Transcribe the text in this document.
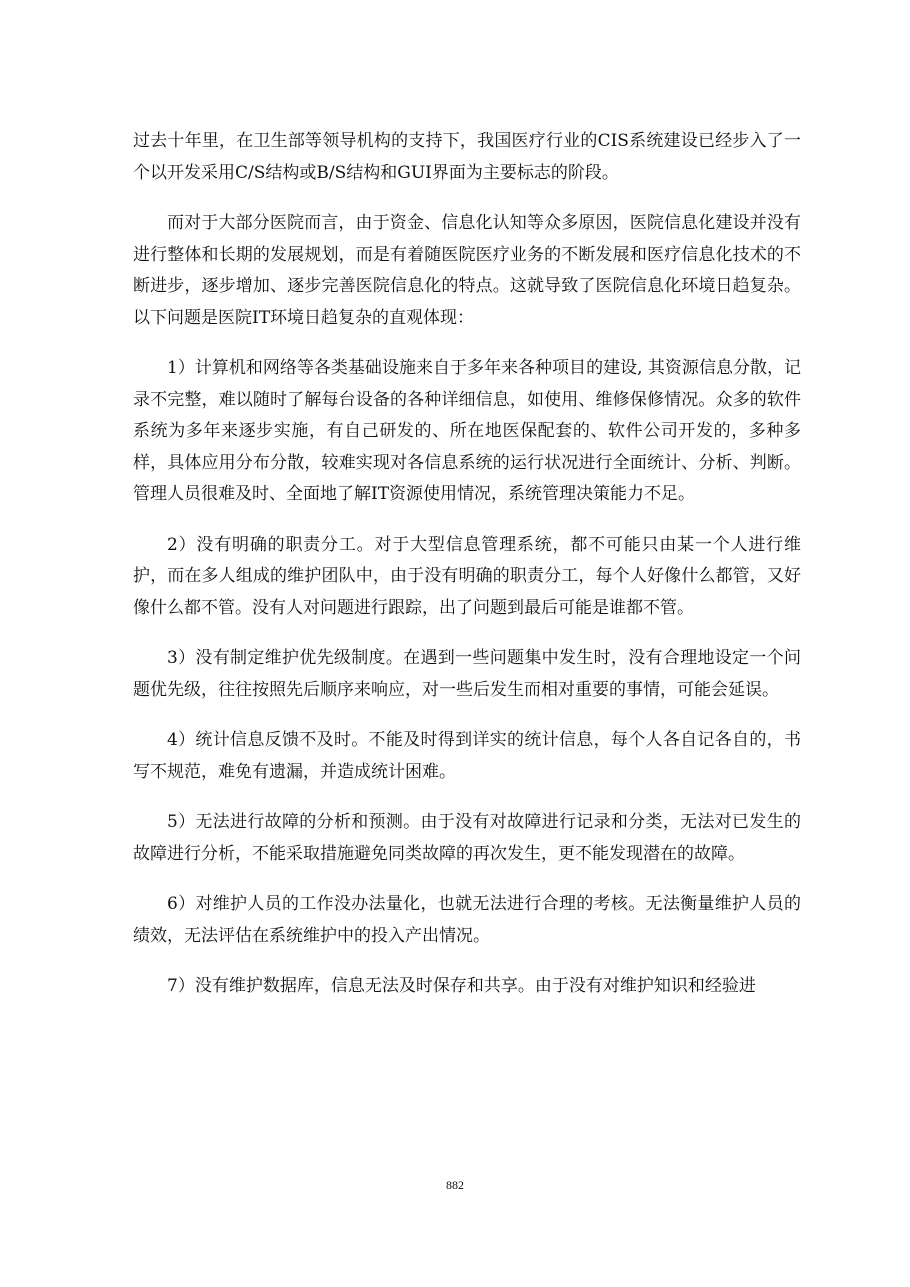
过去十年里，在卫生部等领导机构的支持下，我国医疗行业的CIS系统建设已经步入了一个以开发采用C/S结构或B/S结构和GUI界面为主要标志的阶段。

而对于大部分医院而言，由于资金、信息化认知等众多原因，医院信息化建设并没有进行整体和长期的发展规划，而是有着随医院医疗业务的不断发展和医疗信息化技术的不断进步，逐步增加、逐步完善医院信息化的特点。这就导致了医院信息化环境日趋复杂。以下问题是医院IT环境日趋复杂的直观体现：

1）计算机和网络等各类基础设施来自于多年来各种项目的建设, 其资源信息分散，记录不完整，难以随时了解每台设备的各种详细信息，如使用、维修保修情况。众多的软件系统为多年来逐步实施，有自己研发的、所在地医保配套的、软件公司开发的，多种多样，具体应用分布分散，较难实现对各信息系统的运行状况进行全面统计、分析、判断。管理人员很难及时、全面地了解IT资源使用情况，系统管理决策能力不足。

2）没有明确的职责分工。对于大型信息管理系统，都不可能只由某一个人进行维护，而在多人组成的维护团队中，由于没有明确的职责分工，每个人好像什么都管，又好像什么都不管。没有人对问题进行跟踪，出了问题到最后可能是谁都不管。

3）没有制定维护优先级制度。在遇到一些问题集中发生时，没有合理地设定一个问题优先级，往往按照先后顺序来响应，对一些后发生而相对重要的事情，可能会延误。

4）统计信息反馈不及时。不能及时得到详实的统计信息，每个人各自记各自的，书写不规范，难免有遗漏，并造成统计困难。

5）无法进行故障的分析和预测。由于没有对故障进行记录和分类，无法对已发生的故障进行分析，不能采取措施避免同类故障的再次发生，更不能发现潜在的故障。

6）对维护人员的工作没办法量化，也就无法进行合理的考核。无法衡量维护人员的绩效，无法评估在系统维护中的投入产出情况。

7）没有维护数据库，信息无法及时保存和共享。由于没有对维护知识和经验进

882
